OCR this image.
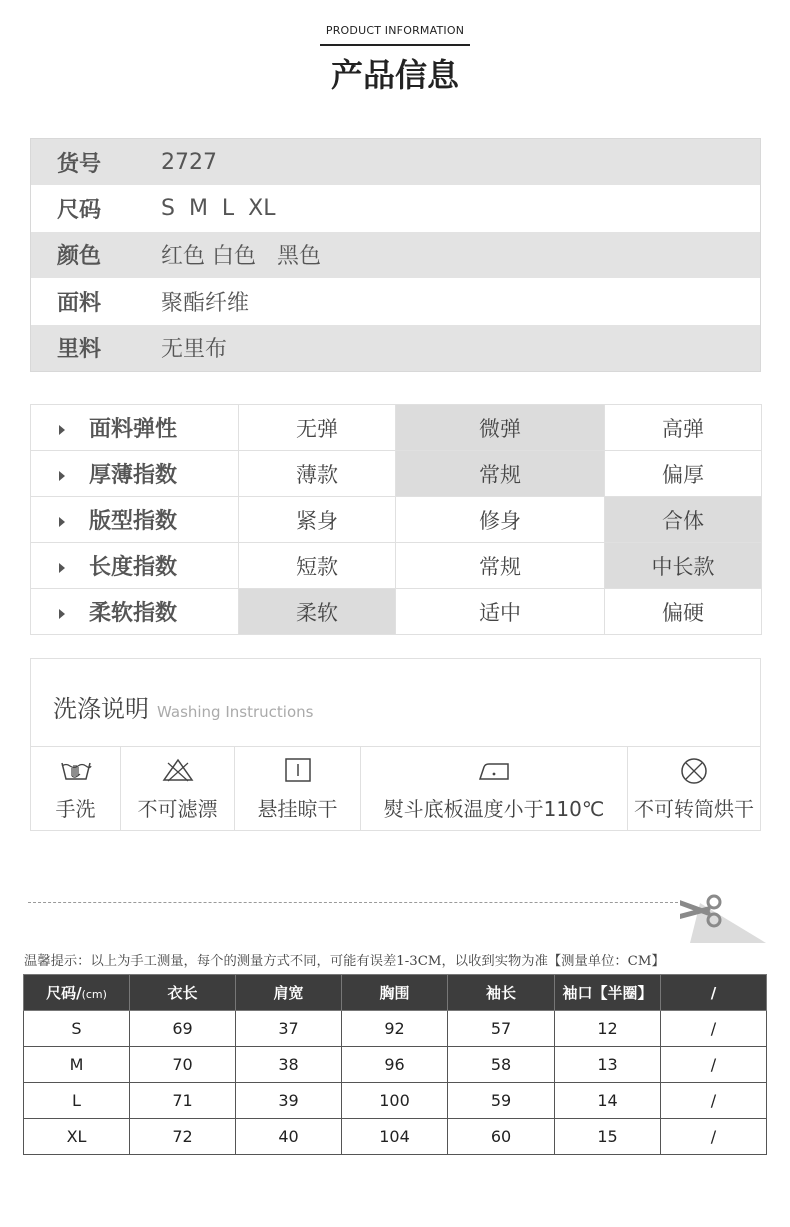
PRODUCT INFORMATION
产品信息
货号	2727
尺码	S  M  L  XL
颜色	红色 白色   黑色
面料	聚酯纤维
里料	无里布
面料弹性	无弹	微弹	高弹
厚薄指数	薄款	常规	偏厚
版型指数	紧身	修身	合体
长度指数	短款	常规	中长款
柔软指数	柔软	适中	偏硬
洗涤说明 Washing Instructions
手洗	不可滤漂	悬挂晾干	熨斗底板温度小于110℃	不可转筒烘干
温馨提示：以上为手工测量，每个的测量方式不同，可能有误差1-3CM，以收到实物为准【测量单位：CM】
尺码/(cm)	衣长	肩宽	胸围	袖长	袖口【半圈】	/
S	69	37	92	57	12	/
M	70	38	96	58	13	/
L	71	39	100	59	14	/
XL	72	40	104	60	15	/
